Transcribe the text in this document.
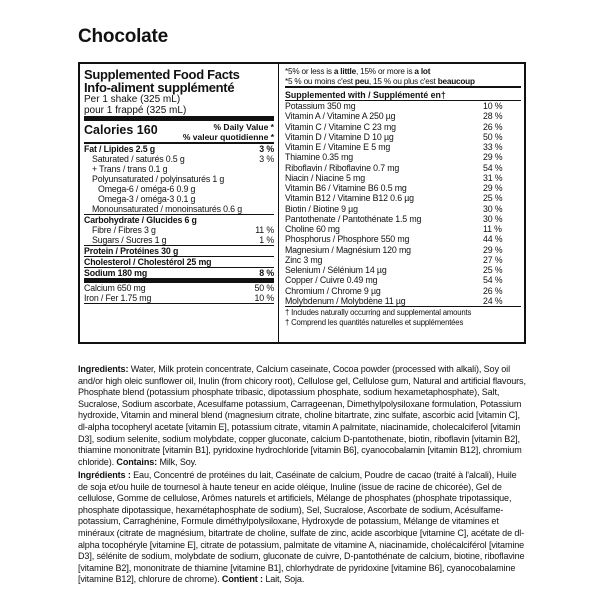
Chocolate
Supplemented Food Facts
Info-aliment supplémenté
Per 1 shake (325 mL)
pour 1 frappé (325 mL)
Calories 160	% Daily Value *
% valeur quotidienne *
Fat / Lipides 2.5 g	3 %
Saturated / saturés 0.5 g	3 %
+ Trans / trans 0.1 g
Polyunsaturated / polyinsaturés 1 g
Omega-6 / oméga-6 0.9 g
Omega-3 / oméga-3 0.1 g
Monounsaturated / monoinsaturés 0.6 g
Carbohydrate / Glucides 6 g
Fibre / Fibres 3 g	11 %
Sugars / Sucres 1 g	1 %
Protein / Protéines 30 g
Cholesterol / Cholestérol 25 mg
Sodium 180 mg	8 %
Calcium 650 mg	50 %
Iron / Fer 1.75 mg	10 %
*5% or less is a little, 15% or more is a lot
*5 % ou moins c'est peu, 15 % ou plus c'est beaucoup
Supplemented with / Supplémenté en†
Potassium 350 mg	10 %
Vitamin A / Vitamine A 250 µg	28 %
Vitamin C / Vitamine C 23 mg	26 %
Vitamin D / Vitamine D 10 µg	50 %
Vitamin E / Vitamine E 5 mg	33 %
Thiamine 0.35 mg	29 %
Riboflavin / Riboflavine 0.7 mg	54 %
Niacin / Niacine 5 mg	31 %
Vitamin B6 / Vitamine B6 0.5 mg	29 %
Vitamin B12 / Vitamine B12 0.6 µg	25 %
Biotin / Biotine 9 µg	30 %
Pantothenate / Pantothénate 1.5 mg	30 %
Choline 60 mg	11 %
Phosphorus / Phosphore 550 mg	44 %
Magnesium / Magnésium 120 mg	29 %
Zinc 3 mg	27 %
Selenium / Sélénium 14 µg	25 %
Copper / Cuivre 0.49 mg	54 %
Chromium / Chrome 9 µg	26 %
Molybdenum / Molybdène 11 µg	24 %
† Includes naturally occurring and supplemental amounts
† Comprend les quantités naturelles et supplémentées
Ingredients: Water, Milk protein concentrate, Calcium caseinate, Cocoa powder (processed with alkali), Soy oil and/or high oleic sunflower oil, Inulin (from chicory root), Cellulose gel, Cellulose gum, Natural and artificial flavours, Phosphate blend (potassium phosphate tribasic, dipotassium phosphate, sodium hexametaphosphate), Salt, Sucralose, Sodium ascorbate, Acesulfame potassium, Carrageenan, Dimethylpolysiloxane formulation, Potassium hydroxide, Vitamin and mineral blend (magnesium citrate, choline bitartrate, zinc sulfate, ascorbic acid [vitamin C], dl-alpha tocopheryl acetate [vitamin E], potassium citrate, vitamin A palmitate, niacinamide, cholecalciferol [vitamin D3], sodium selenite, sodium molybdate, copper gluconate, calcium D-pantothenate, biotin, riboflavin [vitamin B2], thiamine mononitrate [vitamin B1], pyridoxine hydrochloride [vitamin B6], cyanocobalamin [vitamin B12], chromium chloride). Contains: Milk, Soy.
Ingrédients : Eau, Concentré de protéines du lait, Caséinate de calcium, Poudre de cacao (traité à l'alcali), Huile de soja et/ou huile de tournesol à haute teneur en acide oléique, Inuline (issue de racine de chicorée), Gel de cellulose, Gomme de cellulose, Arômes naturels et artificiels, Mélange de phosphates (phosphate tripotassique, phosphate dipotassique, hexamétaphosphate de sodium), Sel, Sucralose, Ascorbate de sodium, Acésulfame-potassium, Carraghénine, Formule diméthylpolysiloxane, Hydroxyde de potassium, Mélange de vitamines et minéraux (citrate de magnésium, bitartrate de choline, sulfate de zinc, acide ascorbique [vitamine C], acétate de dl-alpha tocophéryle [vitamine E], citrate de potassium, palmitate de vitamine A, niacinamide, cholécalciférol [vitamine D3], sélénite de sodium, molybdate de sodium, gluconate de cuivre, D-pantothénate de calcium, biotine, riboflavine [vitamine B2], mononitrate de thiamine [vitamine B1], chlorhydrate de pyridoxine [vitamine B6], cyanocobalamine [vitamine B12], chlorure de chrome). Contient : Lait, Soja.
